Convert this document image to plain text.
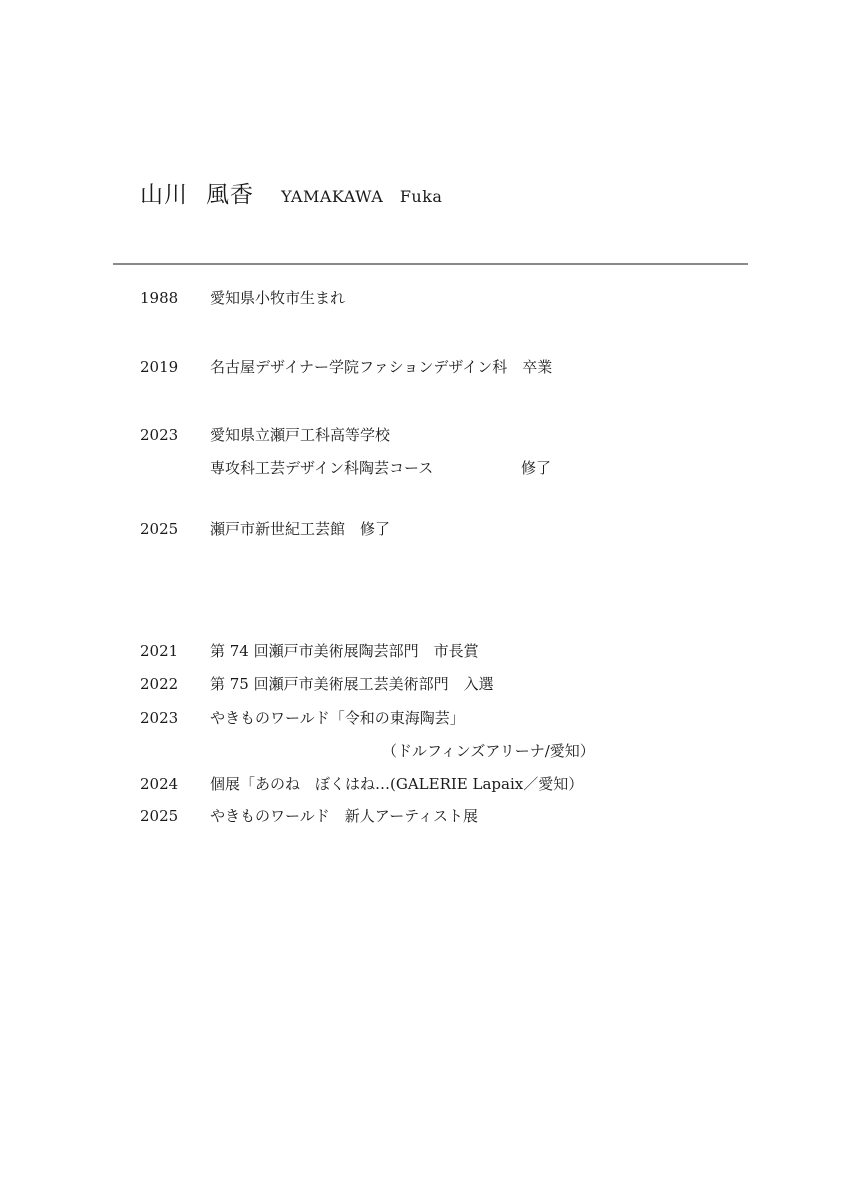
山川 風香 YAMAKAWA　Fuka
1988 愛知県小牧市生まれ
2019 名古屋デザイナー学院ファションデザイン科　卒業
2023 愛知県立瀬戸工科高等学校
専攻科工芸デザイン科陶芸コース	修了
2025 瀬戸市新世紀工芸館　修了
2021 第 74 回瀬戸市美術展陶芸部門　市長賞
2022 第 75 回瀬戸市美術展工芸美術部門　入選
2023 やきものワールド「令和の東海陶芸」
（ドルフィンズアリーナ/愛知）
2024 個展「あのね　ぼくはね…(GALERIE Lapaix／愛知）
2025 やきものワールド　新人アーティスト展
